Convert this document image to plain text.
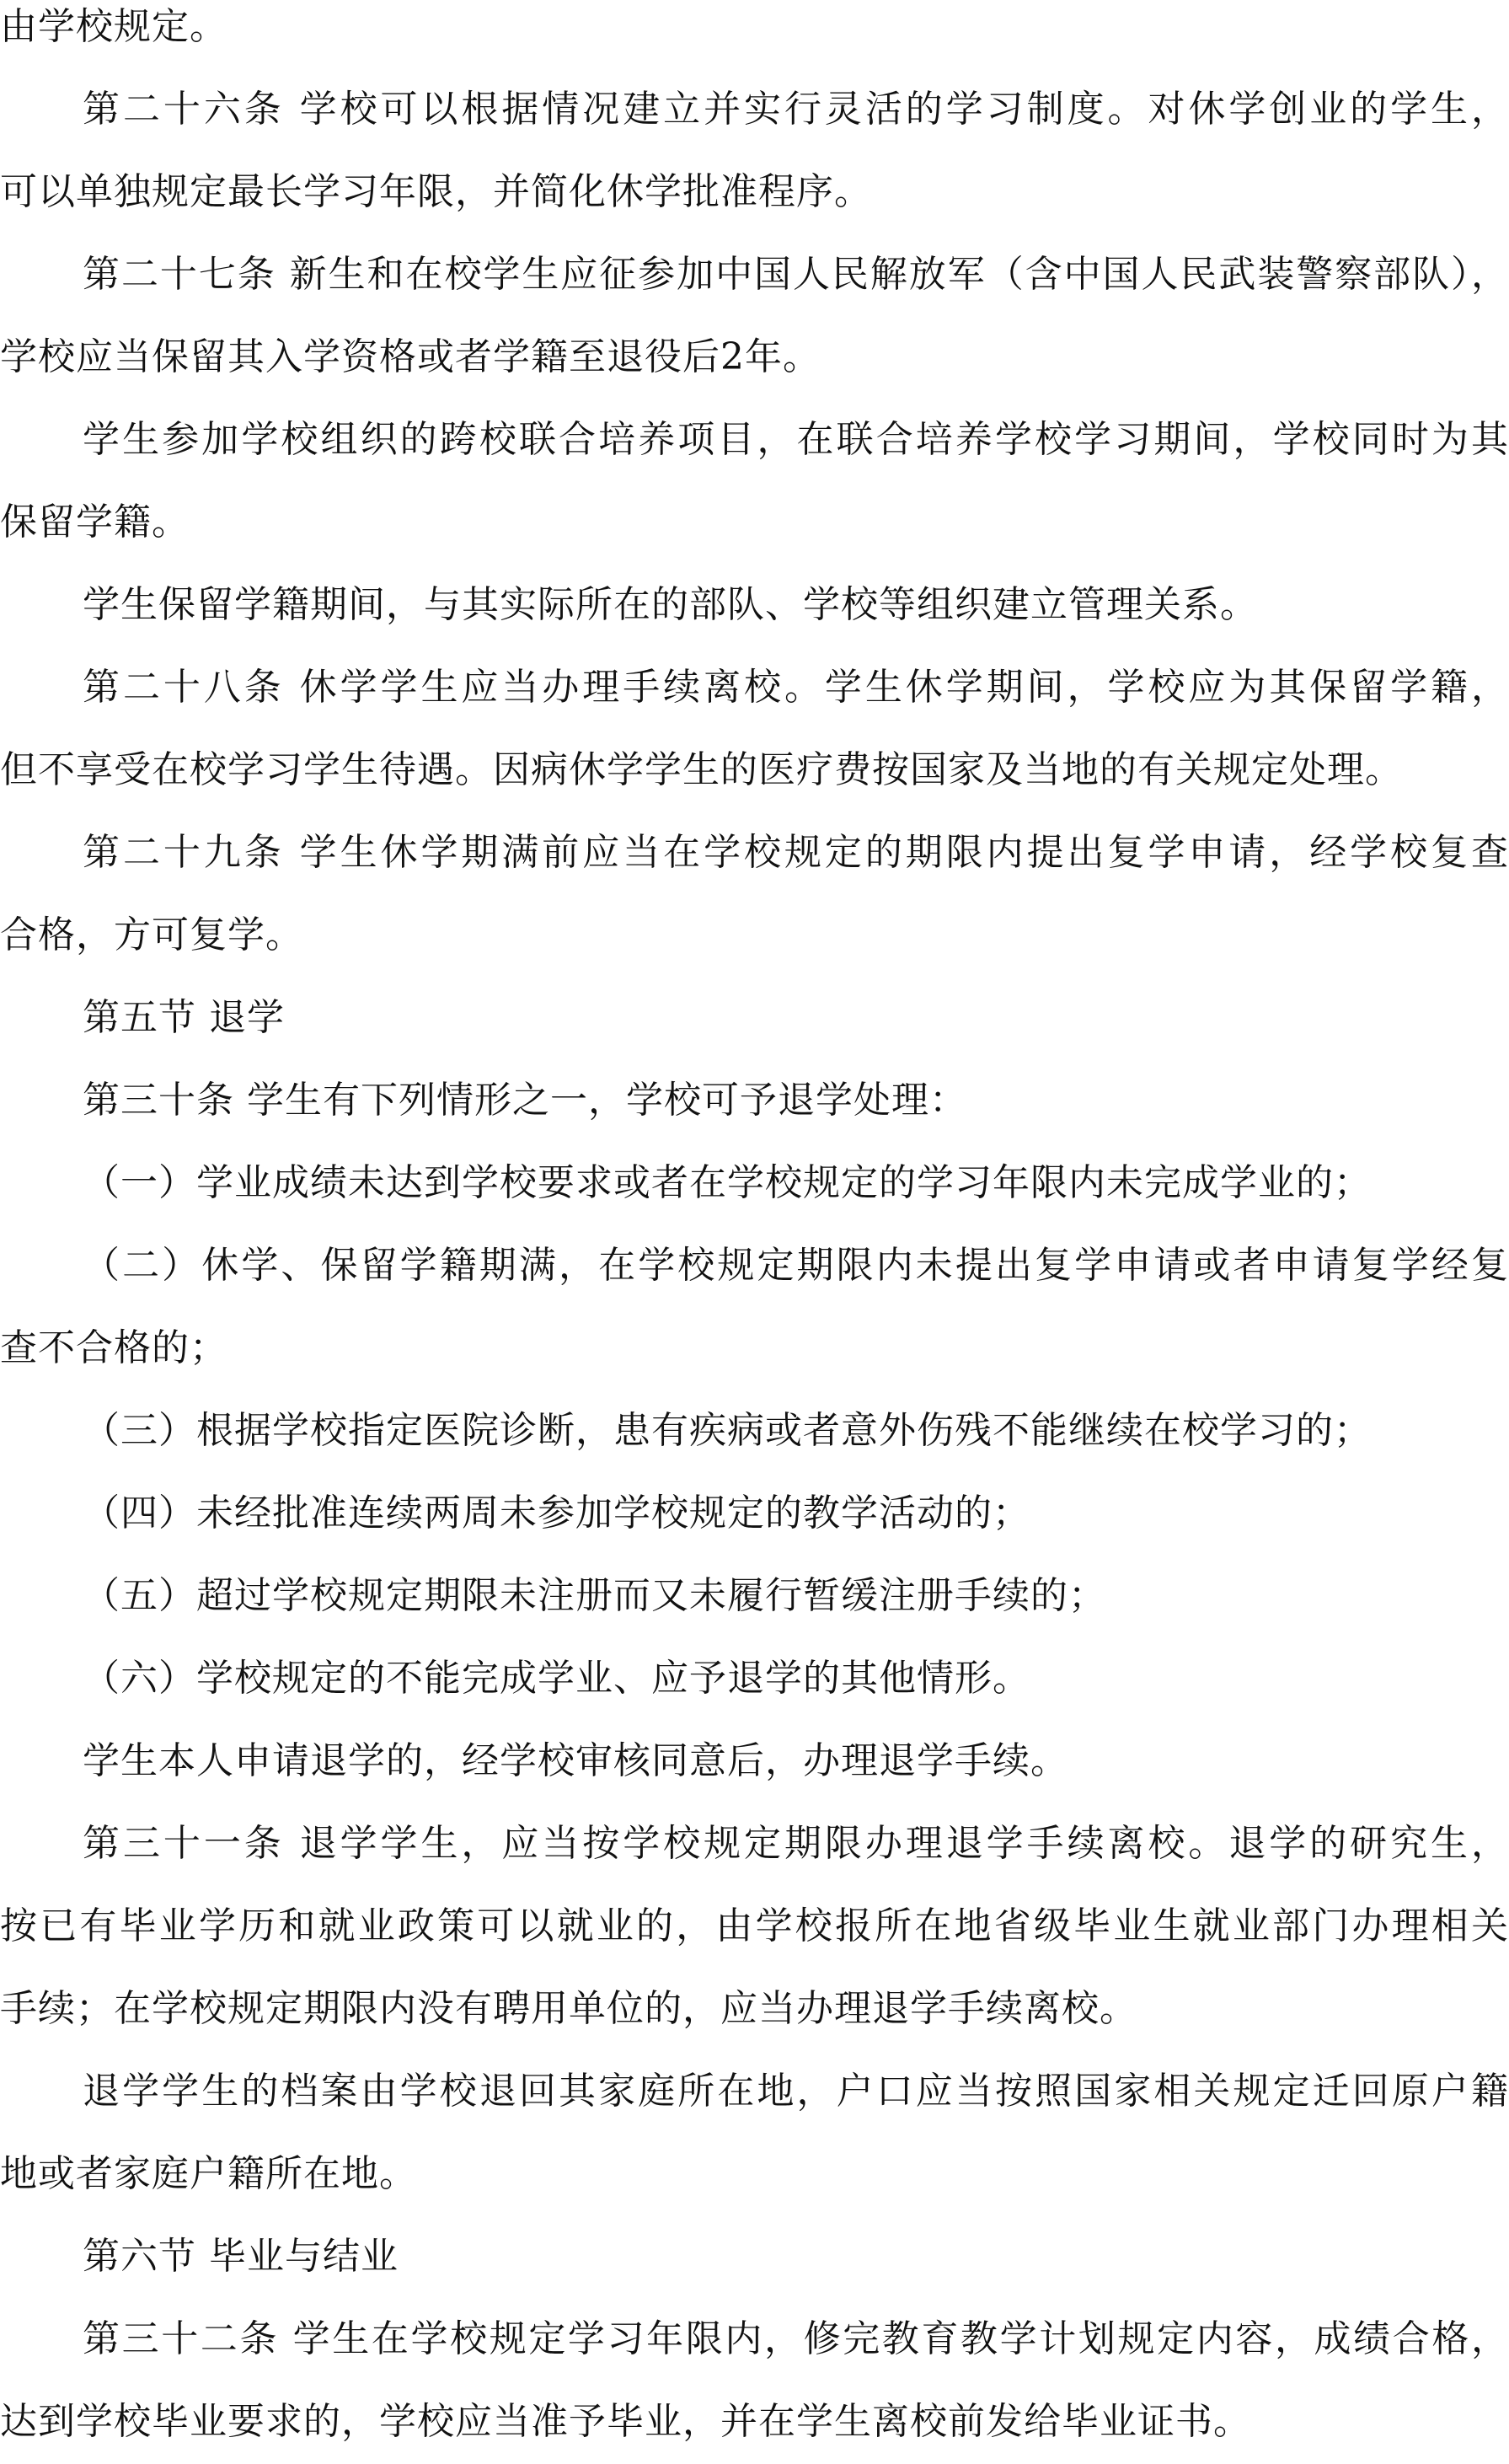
由学校规定。
第二十六条 学校可以根据情况建立并实行灵活的学习制度。对休学创业的学生，
可以单独规定最长学习年限，并简化休学批准程序。
第二十七条 新生和在校学生应征参加中国人民解放军（含中国人民武装警察部队），
学校应当保留其入学资格或者学籍至退役后2年。
学生参加学校组织的跨校联合培养项目，在联合培养学校学习期间，学校同时为其
保留学籍。
学生保留学籍期间，与其实际所在的部队、学校等组织建立管理关系。
第二十八条 休学学生应当办理手续离校。学生休学期间，学校应为其保留学籍，
但不享受在校学习学生待遇。因病休学学生的医疗费按国家及当地的有关规定处理。
第二十九条 学生休学期满前应当在学校规定的期限内提出复学申请，经学校复查
合格，方可复学。
第五节 退学
第三十条 学生有下列情形之一，学校可予退学处理：
（一）学业成绩未达到学校要求或者在学校规定的学习年限内未完成学业的；
（二）休学、保留学籍期满，在学校规定期限内未提出复学申请或者申请复学经复
查不合格的；
（三）根据学校指定医院诊断，患有疾病或者意外伤残不能继续在校学习的；
（四）未经批准连续两周未参加学校规定的教学活动的；
（五）超过学校规定期限未注册而又未履行暂缓注册手续的；
（六）学校规定的不能完成学业、应予退学的其他情形。
学生本人申请退学的，经学校审核同意后，办理退学手续。
第三十一条 退学学生，应当按学校规定期限办理退学手续离校。退学的研究生，
按已有毕业学历和就业政策可以就业的，由学校报所在地省级毕业生就业部门办理相关
手续；在学校规定期限内没有聘用单位的，应当办理退学手续离校。
退学学生的档案由学校退回其家庭所在地，户口应当按照国家相关规定迁回原户籍
地或者家庭户籍所在地。
第六节 毕业与结业
第三十二条 学生在学校规定学习年限内，修完教育教学计划规定内容，成绩合格，
达到学校毕业要求的，学校应当准予毕业，并在学生离校前发给毕业证书。
